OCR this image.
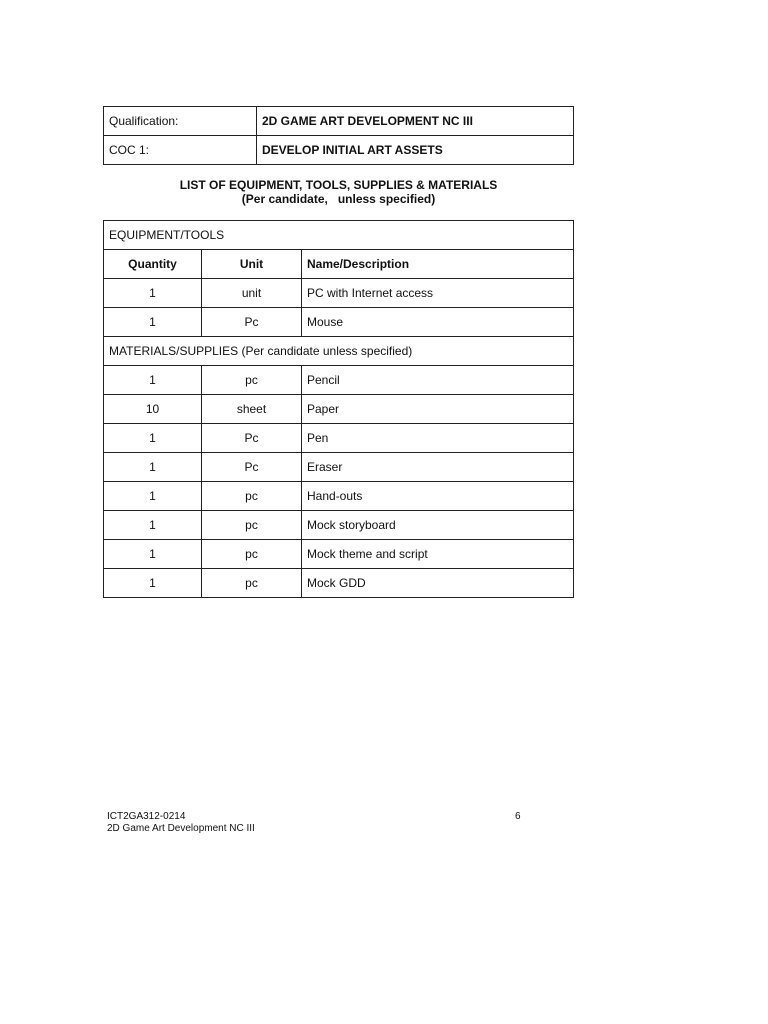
Qualification:	2D GAME ART DEVELOPMENT NC III
COC 1:	DEVELOP INITIAL ART ASSETS
LIST OF EQUIPMENT, TOOLS, SUPPLIES & MATERIALS
(Per candidate,   unless specified)
EQUIPMENT/TOOLS		
Quantity	Unit	Name/Description
1	unit	PC with Internet access
1	Pc	Mouse
MATERIALS/SUPPLIES (Per candidate unless specified)		
1	pc	Pencil
10	sheet	Paper
1	Pc	Pen
1	Pc	Eraser
1	pc	Hand-outs
1	pc	Mock storyboard
1	pc	Mock theme and script
1	pc	Mock GDD
ICT2GA312-0214
2D Game Art Development NC III
6
